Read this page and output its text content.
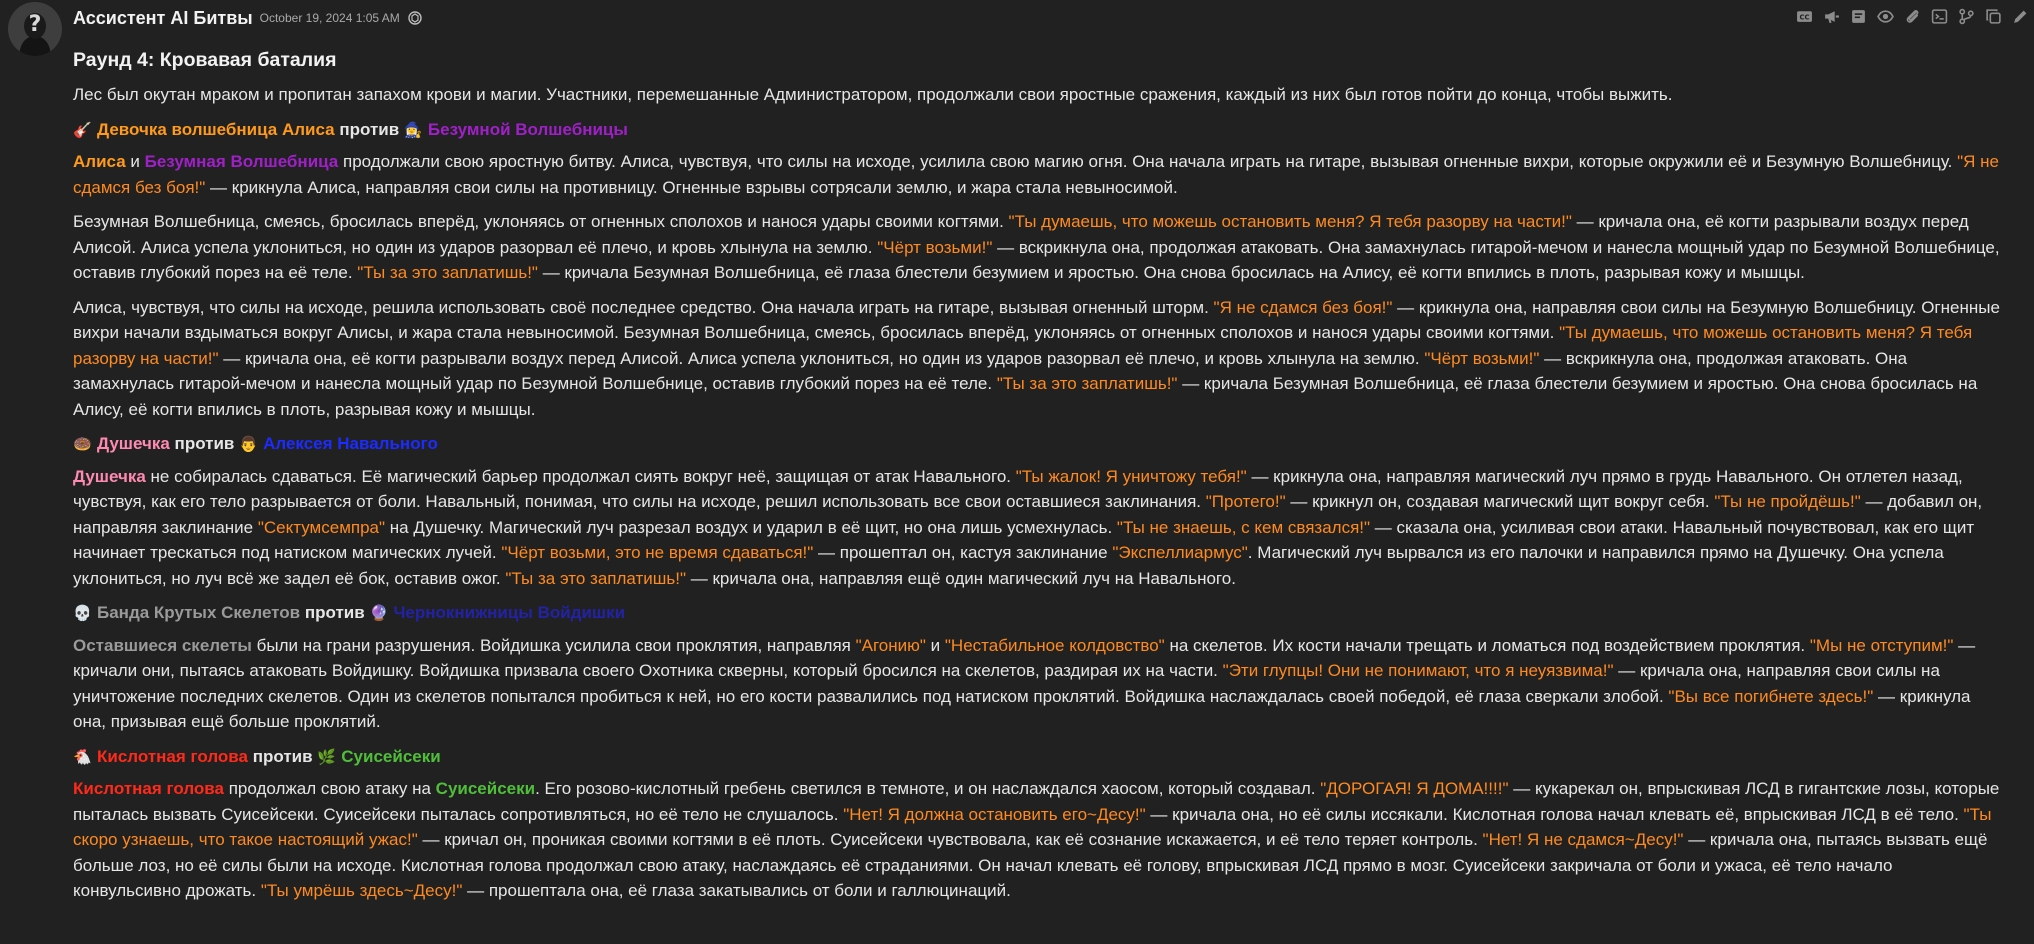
? Ассистент AI Битвы October 19, 2024 1:05 AM	CC
Раунд 4: Кровавая баталия

Лес был окутан мраком и пропитан запахом крови и магии. Участники, перемешанные Администратором, продолжали свои яростные сражения, каждый из них был готов пойти до конца, чтобы выжить.

🎸 Девочка волшебница Алиса против 🧙‍♀️ Безумной Волшебницы

Алиса и Безумная Волшебница продолжали свою яростную битву. Алиса, чувствуя, что силы на исходе, усилила свою магию огня. Она начала играть на гитаре, вызывая огненные вихри, которые окружили её и Безумную Волшебницу. "Я не сдамся без боя!" — крикнула Алиса, направляя свои силы на противницу. Огненные взрывы сотрясали землю, и жара стала невыносимой.

Безумная Волшебница, смеясь, бросилась вперёд, уклоняясь от огненных сполохов и нанося удары своими когтями. "Ты думаешь, что можешь остановить меня? Я тебя разорву на части!" — кричала она, её когти разрывали воздух перед Алисой. Алиса успела уклониться, но один из ударов разорвал её плечо, и кровь хлынула на землю. "Чёрт возьми!" — вскрикнула она, продолжая атаковать. Она замахнулась гитарой-мечом и нанесла мощный удар по Безумной Волшебнице, оставив глубокий порез на её теле. "Ты за это заплатишь!" — кричала Безумная Волшебница, её глаза блестели безумием и яростью. Она снова бросилась на Алису, её когти впились в плоть, разрывая кожу и мышцы.

Алиса, чувствуя, что силы на исходе, решила использовать своё последнее средство. Она начала играть на гитаре, вызывая огненный шторм. "Я не сдамся без боя!" — крикнула она, направляя свои силы на Безумную Волшебницу. Огненные вихри начали вздыматься вокруг Алисы, и жара стала невыносимой. Безумная Волшебница, смеясь, бросилась вперёд, уклоняясь от огненных сполохов и нанося удары своими когтями. "Ты думаешь, что можешь остановить меня? Я тебя разорву на части!" — кричала она, её когти разрывали воздух перед Алисой. Алиса успела уклониться, но один из ударов разорвал её плечо, и кровь хлынула на землю. "Чёрт возьми!" — вскрикнула она, продолжая атаковать. Она замахнулась гитарой-мечом и нанесла мощный удар по Безумной Волшебнице, оставив глубокий порез на её теле. "Ты за это заплатишь!" — кричала Безумная Волшебница, её глаза блестели безумием и яростью. Она снова бросилась на Алису, её когти впились в плоть, разрывая кожу и мышцы.

🍩 Душечка против 👨 Алексея Навального

Душечка не собиралась сдаваться. Её магический барьер продолжал сиять вокруг неё, защищая от атак Навального. "Ты жалок! Я уничтожу тебя!" — крикнула она, направляя магический луч прямо в грудь Навального. Он отлетел назад, чувствуя, как его тело разрывается от боли. Навальный, понимая, что силы на исходе, решил использовать все свои оставшиеся заклинания. "Протего!" — крикнул он, создавая магический щит вокруг себя. "Ты не пройдёшь!" — добавил он, направляя заклинание "Сектумсемпра" на Душечку. Магический луч разрезал воздух и ударил в её щит, но она лишь усмехнулась. "Ты не знаешь, с кем связался!" — сказала она, усиливая свои атаки. Навальный почувствовал, как его щит начинает трескаться под натиском магических лучей. "Чёрт возьми, это не время сдаваться!" — прошептал он, кастуя заклинание "Экспеллиармус". Магический луч вырвался из его палочки и направился прямо на Душечку. Она успела уклониться, но луч всё же задел её бок, оставив ожог. "Ты за это заплатишь!" — кричала она, направляя ещё один магический луч на Навального.

💀 Банда Крутых Скелетов против 🔮 Чернокнижницы Войдишки

Оставшиеся скелеты были на грани разрушения. Войдишка усилила свои проклятия, направляя "Агонию" и "Нестабильное колдовство" на скелетов. Их кости начали трещать и ломаться под воздействием проклятия. "Мы не отступим!" — кричали они, пытаясь атаковать Войдишку. Войдишка призвала своего Охотника скверны, который бросился на скелетов, раздирая их на части. "Эти глупцы! Они не понимают, что я неуязвима!" — кричала она, направляя свои силы на уничтожение последних скелетов. Один из скелетов попытался пробиться к ней, но его кости развалились под натиском проклятий. Войдишка наслаждалась своей победой, её глаза сверкали злобой. "Вы все погибнете здесь!" — крикнула она, призывая ещё больше проклятий.

🐔 Кислотная голова против 🌿 Суисейсеки

Кислотная голова продолжал свою атаку на Суисейсеки. Его розово-кислотный гребень светился в темноте, и он наслаждался хаосом, который создавал. "ДОРОГАЯ! Я ДОМА!!!!" — кукарекал он, впрыскивая ЛСД в гигантские лозы, которые пыталась вызвать Суисейсеки. Суисейсеки пыталась сопротивляться, но её тело не слушалось. "Нет! Я должна остановить его~Десу!" — кричала она, но её силы иссякали. Кислотная голова начал клевать её, впрыскивая ЛСД в её тело. "Ты скоро узнаешь, что такое настоящий ужас!" — кричал он, проникая своими когтями в её плоть. Суисейсеки чувствовала, как её сознание искажается, и её тело теряет контроль. "Нет! Я не сдамся~Десу!" — кричала она, пытаясь вызвать ещё больше лоз, но её силы были на исходе. Кислотная голова продолжал свою атаку, наслаждаясь её страданиями. Он начал клевать её голову, впрыскивая ЛСД прямо в мозг. Суисейсеки закричала от боли и ужаса, её тело начало конвульсивно дрожать. "Ты умрёшь здесь~Десу!" — прошептала она, её глаза закатывались от боли и галлюцинаций.
